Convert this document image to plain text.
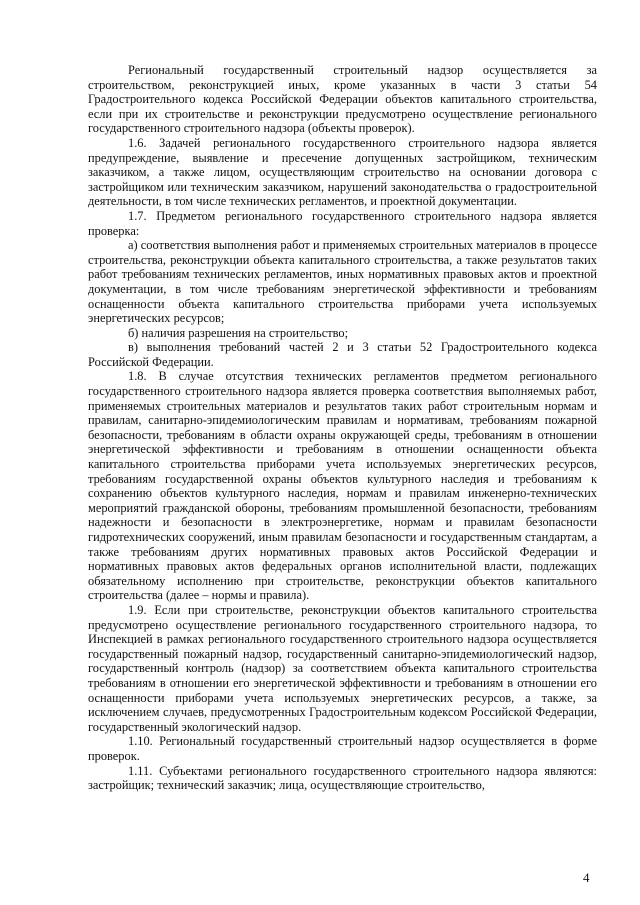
Региональный государственный строительный надзор осуществляется за строительством, реконструкцией иных, кроме указанных в части 3 статьи 54 Градостроительного кодекса Российской Федерации объектов капитального строительства, если при их строительстве и реконструкции предусмотрено осуществление регионального государственного строительного надзора (объекты проверок).

1.6. Задачей регионального государственного строительного надзора является предупреждение, выявление и пресечение допущенных застройщиком, техническим заказчиком, а также лицом, осуществляющим строительство на основании договора с застройщиком или техническим заказчиком, нарушений законодательства о градостроительной деятельности, в том числе технических регламентов, и проектной документации.

1.7. Предметом регионального государственного строительного надзора является проверка:

а) соответствия выполнения работ и применяемых строительных материалов в процессе строительства, реконструкции объекта капитального строительства, а также результатов таких работ требованиям технических регламентов, иных нормативных правовых актов и проектной документации, в том числе требованиям энергетической эффективности и требованиям оснащенности объекта капитального строительства приборами учета используемых энергетических ресурсов;

б) наличия разрешения на строительство;

в) выполнения требований частей 2 и 3 статьи 52 Градостроительного кодекса Российской Федерации.

1.8. В случае отсутствия технических регламентов предметом регионального государственного строительного надзора является проверка соответствия выполняемых работ, применяемых строительных материалов и результатов таких работ строительным нормам и правилам, санитарно-эпидемиологическим правилам и нормативам, требованиям пожарной безопасности, требованиям в области охраны окружающей среды, требованиям в отношении энергетической эффективности и требованиям в отношении оснащенности объекта капитального строительства приборами учета используемых энергетических ресурсов, требованиям государственной охраны объектов культурного наследия и требованиям к сохранению объектов культурного наследия, нормам и правилам инженерно-технических мероприятий гражданской обороны, требованиям промышленной безопасности, требованиям надежности и безопасности в электроэнергетике, нормам и правилам безопасности гидротехнических сооружений, иным правилам безопасности и государственным стандартам, а также требованиям других нормативных правовых актов Российской Федерации и нормативных правовых актов федеральных органов исполнительной власти, подлежащих обязательному исполнению при строительстве, реконструкции объектов капитального строительства (далее – нормы и правила).

1.9. Если при строительстве, реконструкции объектов капитального строительства предусмотрено осуществление регионального государственного строительного надзора, то Инспекцией в рамках регионального государственного строительного надзора осуществляется государственный пожарный надзор, государственный санитарно-эпидемиологический надзор, государственный контроль (надзор) за соответствием объекта капитального строительства требованиям в отношении его энергетической эффективности и требованиям в отношении его оснащенности приборами учета используемых энергетических ресурсов, а также, за исключением случаев, предусмотренных Градостроительным кодексом Российской Федерации, государственный экологический надзор.

1.10. Региональный государственный строительный надзор осуществляется в форме проверок.

1.11. Субъектами регионального государственного строительного надзора являются: застройщик; технический заказчик; лица, осуществляющие строительство,

4
